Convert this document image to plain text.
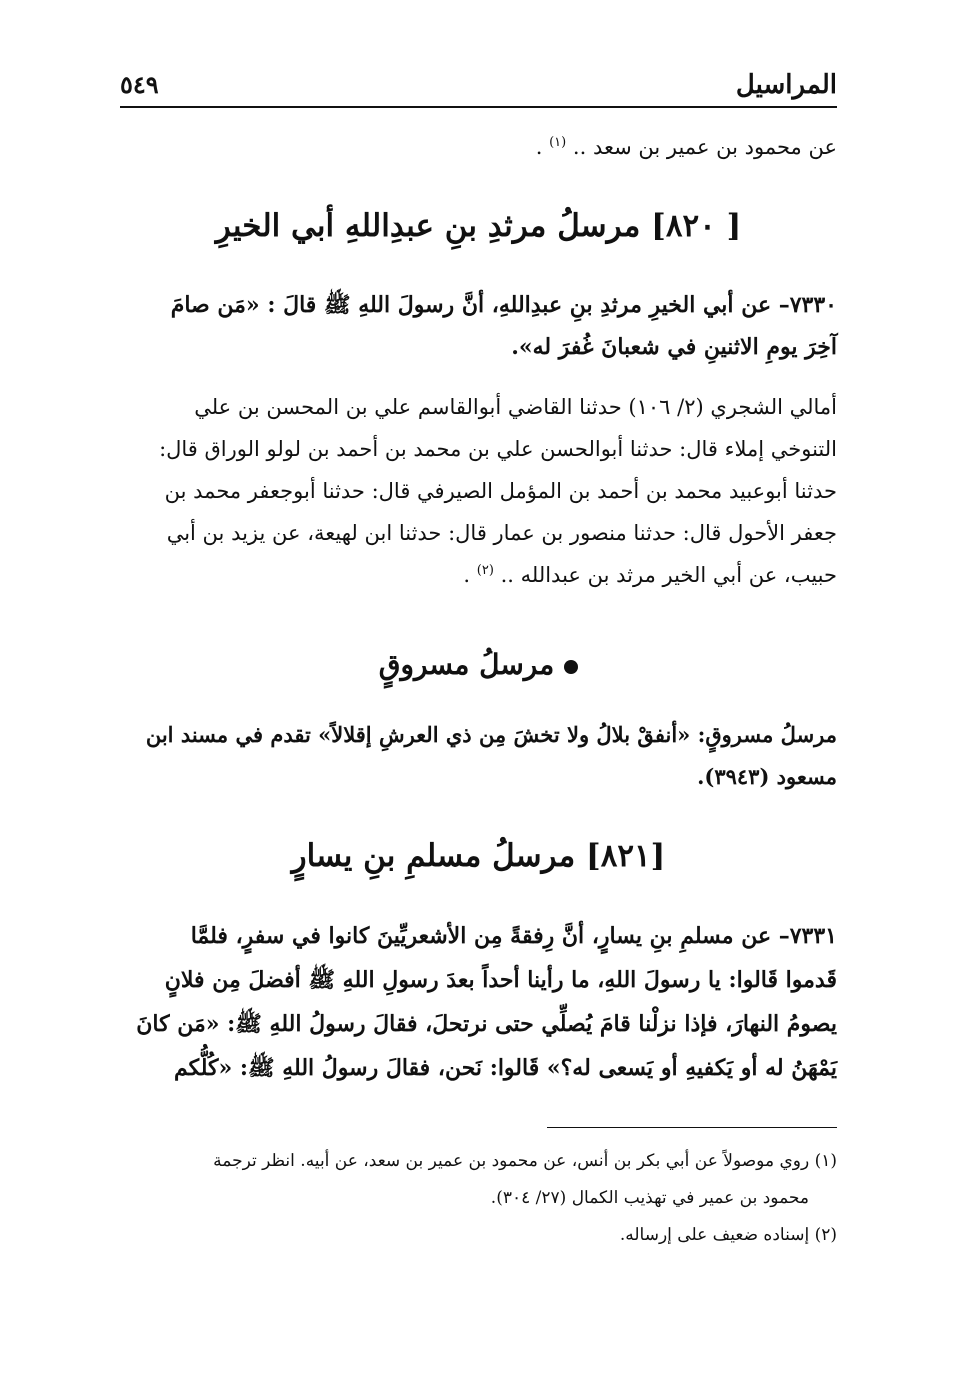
المراسيل
٥٤٩
عن محمود بن عمير بن سعد .. $^{(١)}$ .
[ ٨٢٠] مرسلُ مرثدِ بنِ عبدِاللهِ أبي الخيرِ
٧٣٣٠– عن أبي الخيرِ مرثدِ بنِ عبدِاللهِ، أنَّ رسولَ اللهِ ﷺ قالَ : «مَن صامَ
آخِرَ يومِ الاثنينِ في شعبانَ غُفرَ له».
أمالي الشجري (٢/ ١٠٦) حدثنا القاضي أبوالقاسم علي بن المحسن بن علي
التنوخي إملاء قال: حدثنا أبوالحسن علي بن محمد بن أحمد بن لولو الوراق قال:
حدثنا أبوعبيد محمد بن أحمد بن المؤمل الصيرفي قال: حدثنا أبوجعفر محمد بن
جعفر الأحول قال: حدثنا منصور بن عمار قال: حدثنا ابن لهيعة، عن يزيد بن أبي
حبيب، عن أبي الخير مرثد بن عبدالله .. $^{(٢)}$ .
مرسلُ مسروقٍ
مرسلُ مسروقٍ: «أنفقْ بلالُ ولا تخشَ مِن ذي العرشِ إقلالاً» تقدم في مسند ابن
مسعود (٣٩٤٣).
[٨٢١] مرسلُ مسلمِ بنِ يسارٍ
٧٣٣١– عن مسلمِ بنِ يسارٍ، أنَّ رِفقةً مِن الأشعريِّينَ كانوا في سفرٍ، فلمَّا
قَدموا قَالوا: يا رسولَ اللهِ، ما رأينا أحداً بعدَ رسولِ اللهِ ﷺ أفضلَ مِن فلانٍ
يصومُ النهارَ، فإذا نزلْنا قامَ يُصلِّي حتى نرتحلَ، فقالَ رسولُ اللهِ ﷺ: «مَن كانَ
يَمْهَنُ له أو يَكفيهِ أو يَسعى له؟» قَالوا: نَحن، فقالَ رسولُ اللهِ ﷺ: «كُلُّكم
(١) روي موصولاً عن أبي بكر بن أنس، عن محمود بن عمير بن سعد، عن أبيه. انظر ترجمة
محمود بن عمير في تهذيب الكمال (٢٧/ ٣٠٤).
(٢) إسناده ضعيف على إرساله.
